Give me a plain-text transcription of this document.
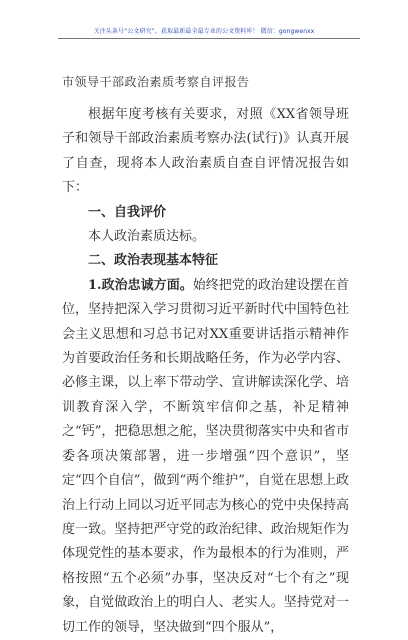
关注头条号“公文研究”，获取最新最全最专业的公文资料库！ 微信：gongwenxx
市领导干部政治素质考察自评报告

根据年度考核有关要求，对照《XX省领导班子和领导干部政治素质考察办法(试行)》认真开展了自查，现将本人政治素质自查自评情况报告如下：

一、自我评价

本人政治素质达标。

二、政治表现基本特征

1.政治忠诚方面。始终把党的政治建设摆在首位，坚持把深入学习贯彻习近平新时代中国特色社会主义思想和习总书记对XX重要讲话指示精神作为首要政治任务和长期战略任务，作为必学内容、必修主课，以上率下带动学、宣讲解读深化学、培训教育深入学，不断筑牢信仰之基，补足精神之“钙”，把稳思想之舵，坚决贯彻落实中央和省市委各项决策部署，进一步增强“四个意识”，坚定“四个自信”，做到“两个维护”，自觉在思想上政治上行动上同以习近平同志为核心的党中央保持高度一致。坚持把严守党的政治纪律、政治规矩作为体现党性的基本要求，作为最根本的行为准则，严格按照“五个必须”办事，坚决反对“七个有之”现象，自觉做政治上的明白人、老实人。坚持党对一切工作的领导，坚决做到“四个服从”，
